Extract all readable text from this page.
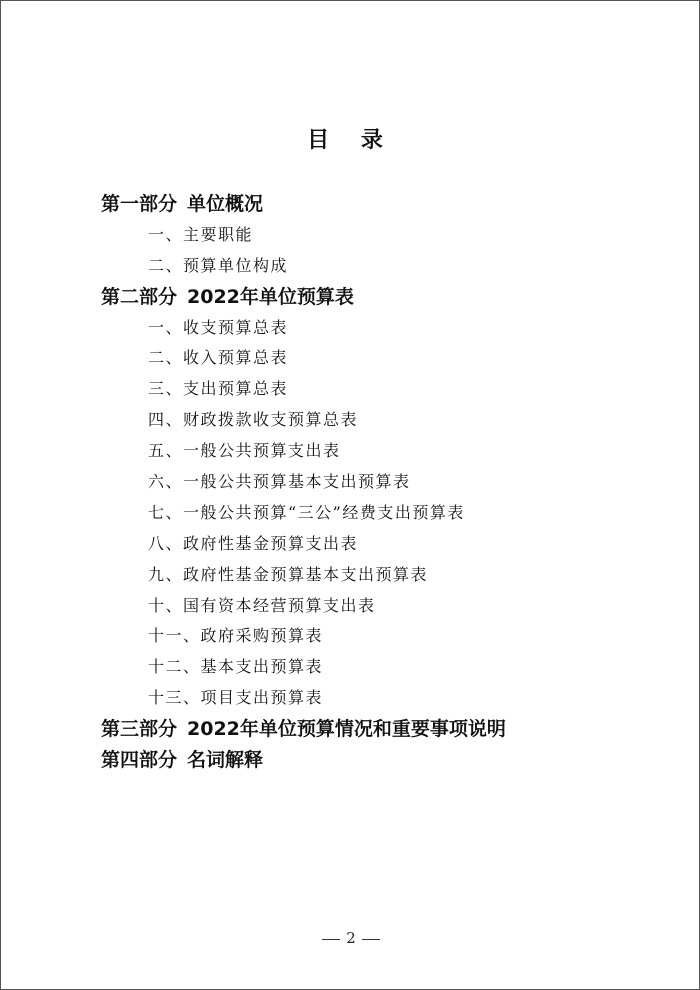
目 录
第一部分 单位概况
一、主要职能
二、预算单位构成
第二部分 2022年单位预算表
一、收支预算总表
二、收入预算总表
三、支出预算总表
四、财政拨款收支预算总表
五、一般公共预算支出表
六、一般公共预算基本支出预算表
七、一般公共预算“三公”经费支出预算表
八、政府性基金预算支出表
九、政府性基金预算基本支出预算表
十、国有资本经营预算支出表
十一、政府采购预算表
十二、基本支出预算表
十三、项目支出预算表
第三部分 2022年单位预算情况和重要事项说明
第四部分 名词解释
2
